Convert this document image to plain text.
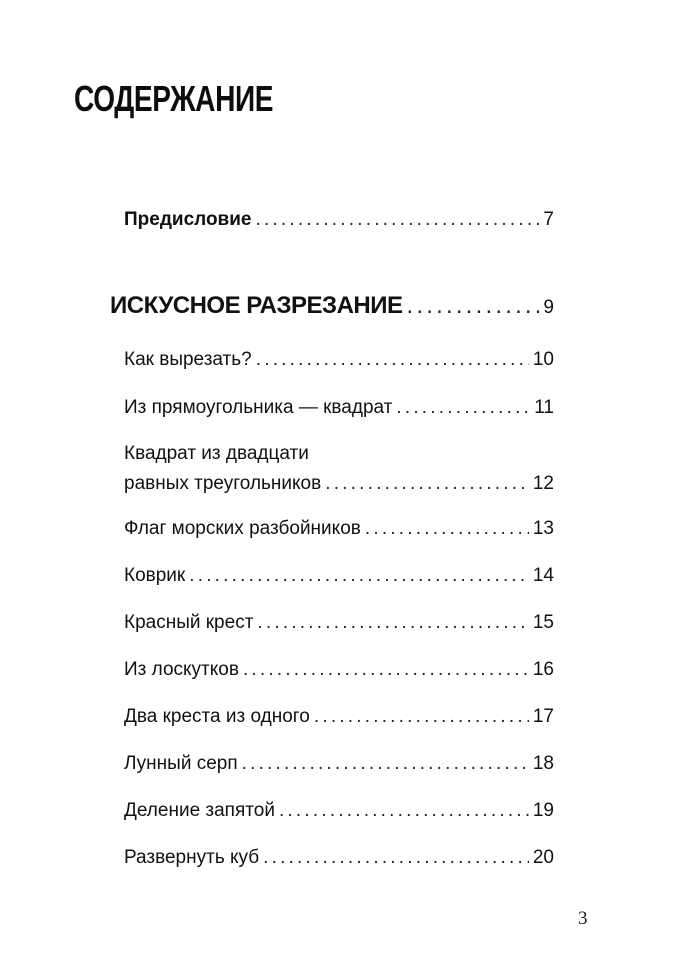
СОДЕРЖАНИЕ
Предисловие .....	7
ИСКУСНОЕ РАЗРЕЗАНИЕ .....	9
Как вырезать? .....	10
Из прямоугольника — квадрат .....	11
Квадрат из двадцати
равных треугольников .....	12
Флаг морских разбойников .....	13
Коврик .....	14
Красный крест .....	15
Из лоскутков .....	16
Два креста из одного .....	17
Лунный серп .....	18
Деление запятой .....	19
Развернуть куб .....	20
3
